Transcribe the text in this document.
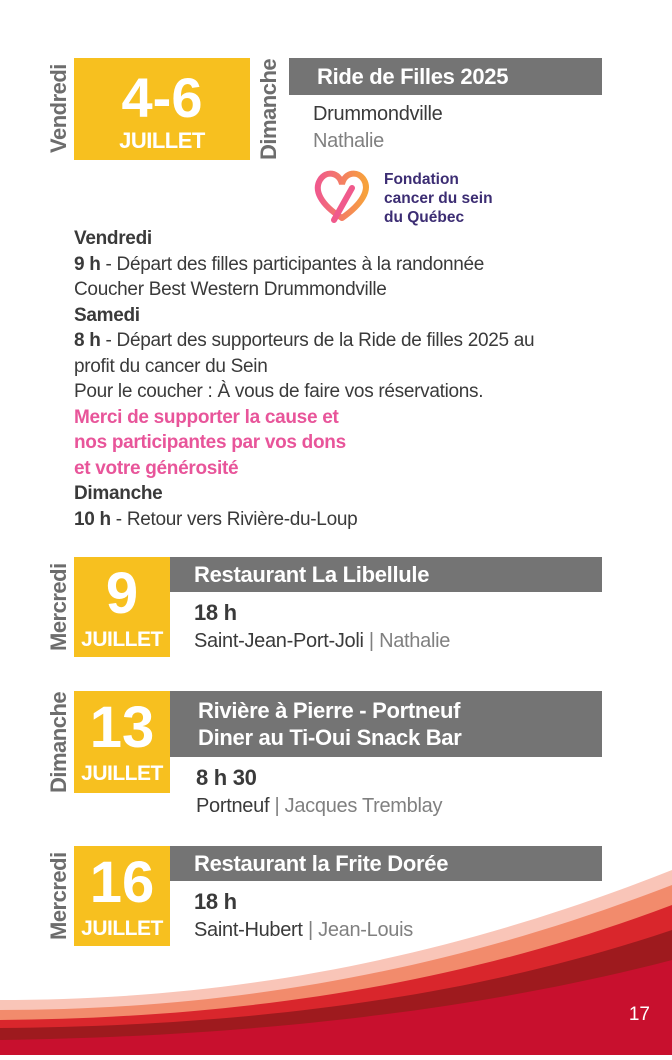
Vendredi 4-6
JUILLET	Dimanche	Ride de Filles 2025
Drummondville
Nathalie
Fondation
cancer du sein
du Québec
Vendredi
9 h - Départ des filles participantes à la randonnée
Coucher Best Western Drummondville
Samedi
8 h - Départ des supporteurs de la Ride de filles 2025 au
profit du cancer du Sein
Pour le coucher : À vous de faire vos réservations.
Merci de supporter la cause et
nos participantes par vos dons
et votre générosité
Dimanche
10 h - Retour vers Rivière-du-Loup
Mercredi 9
JUILLET
Restaurant La Libellule
18 h
Saint-Jean-Port-Joli | Nathalie
Dimanche 13
JUILLET
Rivière à Pierre - Portneuf
Diner au Ti-Oui Snack Bar
8 h 30
Portneuf | Jacques Tremblay
Mercredi 16
JUILLET
Restaurant la Frite Dorée
18 h
Saint-Hubert | Jean-Louis
17
